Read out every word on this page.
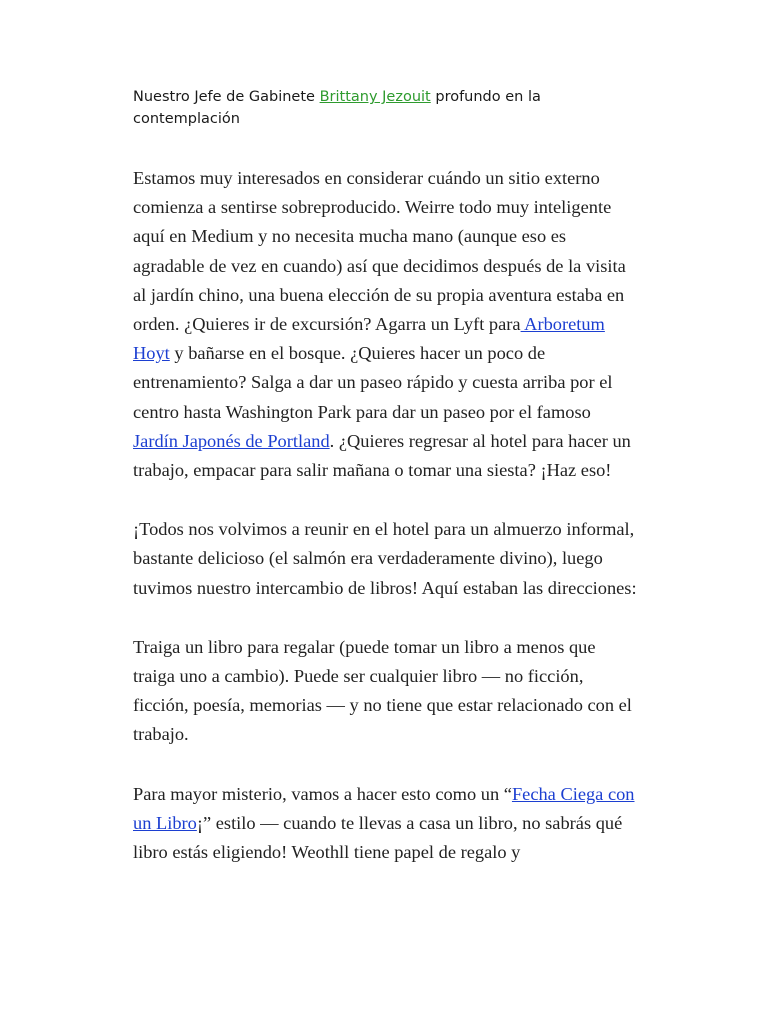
Nuestro Jefe de Gabinete Brittany Jezouit profundo en la contemplación

Estamos muy interesados en considerar cuándo un sitio externo comienza a sentirse sobreproducido. Weirre todo muy inteligente aquí en Medium y no necesita mucha mano (aunque eso es agradable de vez en cuando) así que decidimos después de la visita al jardín chino, una buena elección de su propia aventura estaba en orden. ¿Quieres ir de excursión? Agarra un Lyft para Arboretum Hoyt y bañarse en el bosque. ¿Quieres hacer un poco de entrenamiento? Salga a dar un paseo rápido y cuesta arriba por el centro hasta Washington Park para dar un paseo por el famoso Jardín Japonés de Portland. ¿Quieres regresar al hotel para hacer un trabajo, empacar para salir mañana o tomar una siesta? ¡Haz eso!

¡Todos nos volvimos a reunir en el hotel para un almuerzo informal, bastante delicioso (el salmón era verdaderamente divino), luego tuvimos nuestro intercambio de libros! Aquí estaban las direcciones:

Traiga un libro para regalar (puede tomar un libro a menos que traiga uno a cambio). Puede ser cualquier libro — no ficción, ficción, poesía, memorias — y no tiene que estar relacionado con el trabajo.

Para mayor misterio, vamos a hacer esto como un “Fecha Ciega con un Libro¡” estilo — cuando te llevas a casa un libro, no sabrás qué libro estás eligiendo! Weothll tiene papel de regalo y
